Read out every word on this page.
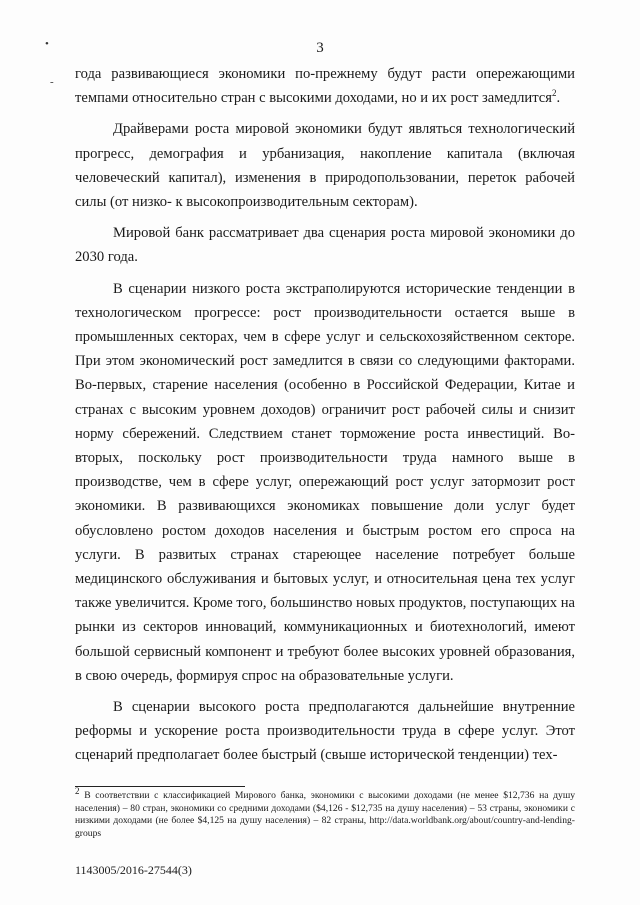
3
•
- года развивающиеся экономики по-прежнему будут расти опережающими темпами относительно стран с высокими доходами, но и их рост замедлится$^2$.

Драйверами роста мировой экономики будут являться технологический прогресс, демография и урбанизация, накопление капитала (включая человеческий капитал), изменения в природопользовании, переток рабочей силы (от низко- к высокопроизводительным секторам).

Мировой банк рассматривает два сценария роста мировой экономики до 2030 года.

В сценарии низкого роста экстраполируются исторические тенденции в технологическом прогрессе: рост производительности остается выше в промышленных секторах, чем в сфере услуг и сельскохозяйственном секторе. При этом экономический рост замедлится в связи со следующими факторами. Во-первых, старение населения (особенно в Российской Федерации, Китае и странах с высоким уровнем доходов) ограничит рост рабочей силы и снизит норму сбережений. Следствием станет торможение роста инвестиций. Во-вторых, поскольку рост производительности труда намного выше в производстве, чем в сфере услуг, опережающий рост услуг затормозит рост экономики. В развивающихся экономиках повышение доли услуг будет обусловлено ростом доходов населения и быстрым ростом его спроса на услуги. В развитых странах стареющее население потребует больше медицинского обслуживания и бытовых услуг, и относительная цена тех услуг также увеличится. Кроме того, большинство новых продуктов, поступающих на рынки из секторов инноваций, коммуникационных и биотехнологий, имеют большой сервисный компонент и требуют более высоких уровней образования, в свою очередь, формируя спрос на образовательные услуги.

В сценарии высокого роста предполагаются дальнейшие внутренние реформы и ускорение роста производительности труда в сфере услуг. Этот сценарий предполагает более быстрый (свыше исторической тенденции) тех-

$^2$ В соответствии с классификацией Мирового банка, экономики с высокими доходами (не менее $12,736 на душу населения) – 80 стран, экономики со средними доходами ($4,126 - $12,735 на душу населения) – 53 страны, экономики с низкими доходами (не более $4,125 на душу населения) – 82 страны, http://data.worldbank.org/about/country-and-lending-groups
1143005/2016-27544(3)
